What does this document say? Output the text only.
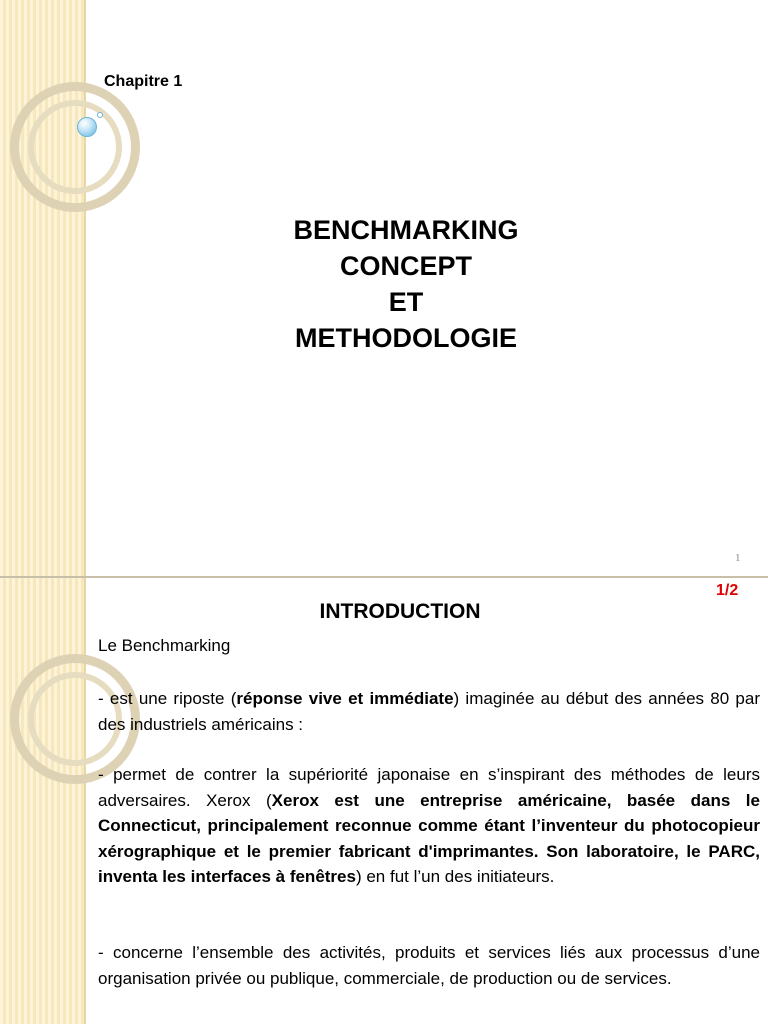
Chapitre 1
BENCHMARKING
CONCEPT
ET
METHODOLOGIE
1
1/2
INTRODUCTION
Le Benchmarking

- est une riposte (réponse vive et immédiate) imaginée au début des années 80 par des industriels américains :

- permet de contrer la supériorité japonaise en s’inspirant des méthodes de leurs adversaires. Xerox (Xerox est une entreprise américaine, basée dans le Connecticut, principalement reconnue comme étant l’inventeur du photocopieur xérographique et le premier fabricant d'imprimantes. Son laboratoire, le PARC, inventa les interfaces à fenêtres) en fut l’un des initiateurs.

- concerne l’ensemble des activités, produits et services liés aux processus d’une organisation privée ou publique, commerciale, de production ou de services.
